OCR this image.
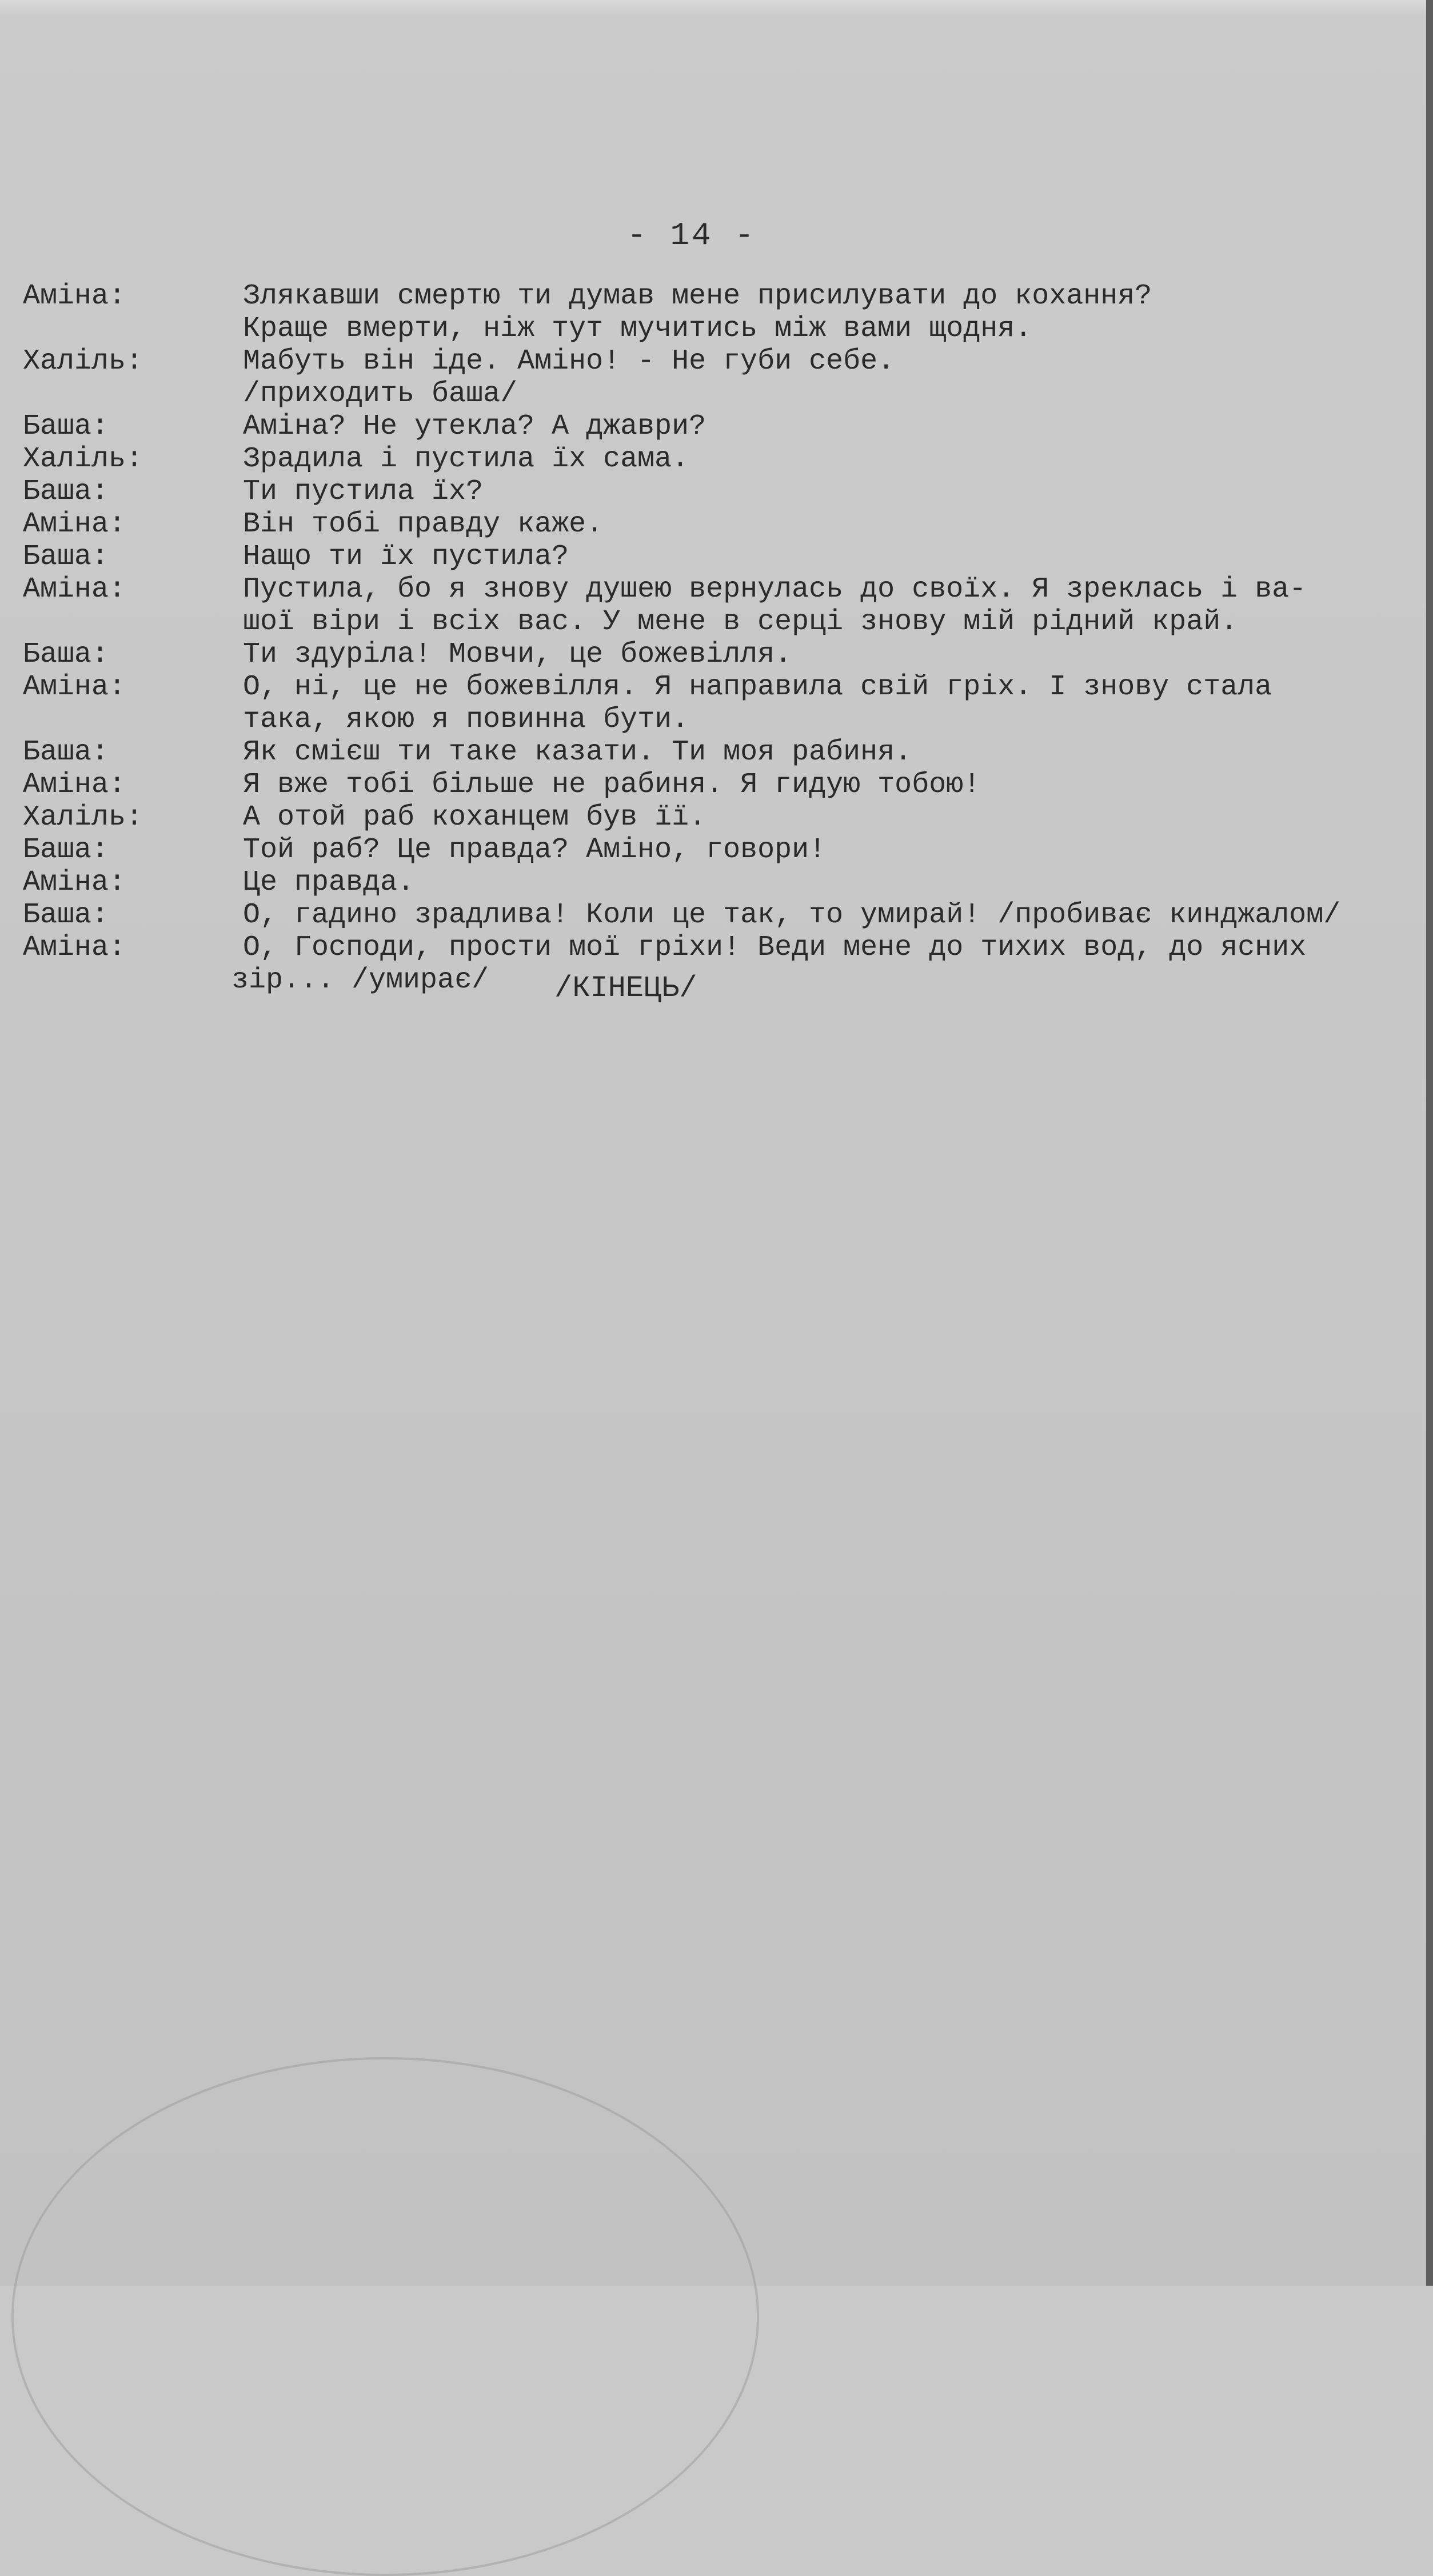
- 14 -
Аміна:	Злякавши смертю ти думав мене присилувати до кохання?
Краще вмерти, ніж тут мучитись між вами щодня.
Халіль:	Мабуть він іде. Аміно! - Не губи себе.
/приходить баша/
Баша:	Аміна? Не утекла? А джаври?
Халіль:	Зрадила і пустила їх сама.
Баша:	Ти пустила їх?
Аміна:	Він тобі правду каже.
Баша:	Нащо ти їх пустила?
Аміна:	Пустила, бо я знову душею вернулась до своїх. Я зреклась і ва-
шої віри і всіх вас. У мене в серці знову мій рідний край.
Баша:	Ти здуріла! Мовчи, це божевілля.
Аміна:	О, ні, це не божевілля. Я направила свій гріх. І знову стала
така, якою я повинна бути.
Баша:	Як смієш ти таке казати. Ти моя рабиня.
Аміна:	Я вже тобі більше не рабиня. Я гидую тобою!
Халіль:	А отой раб коханцем був її.
Баша:	Той раб? Це правда? Аміно, говори!
Аміна:	Це правда.
Баша:	О, гадино зрадлива! Коли це так, то умирай! /пробиває кинджалом/
Аміна:	О, Господи, прости мої гріхи! Веди мене до тихих вод, до ясних
зір... /умирає/	/КІНЕЦЬ/
